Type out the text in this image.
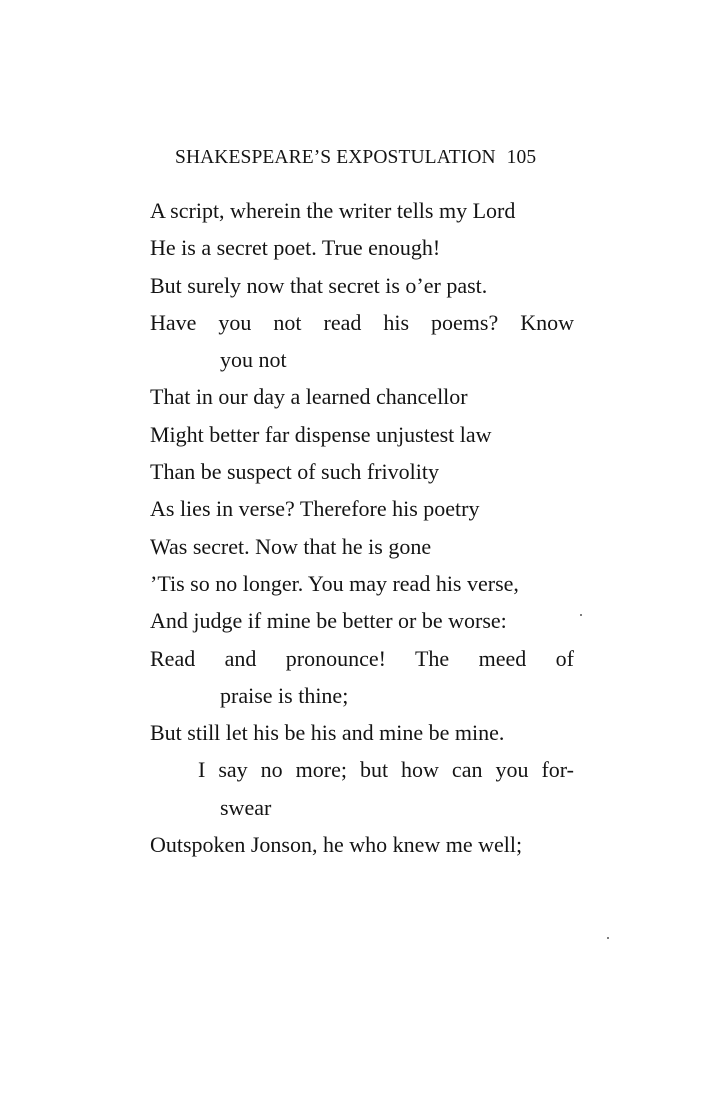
SHAKESPEARE’S EXPOSTULATION 105
A script, wherein the writer tells my Lord
He is a secret poet. True enough!
But surely now that secret is o’er past.
Have you not read his poems? Know
you not
That in our day a learned chancellor
Might better far dispense unjustest law
Than be suspect of such frivolity
As lies in verse? Therefore his poetry
Was secret. Now that he is gone
’Tis so no longer. You may read his verse,
And judge if mine be better or be worse:
Read and pronounce! The meed of
praise is thine;
But still let his be his and mine be mine.
I say no more; but how can you for-
swear
Outspoken Jonson, he who knew me well;
